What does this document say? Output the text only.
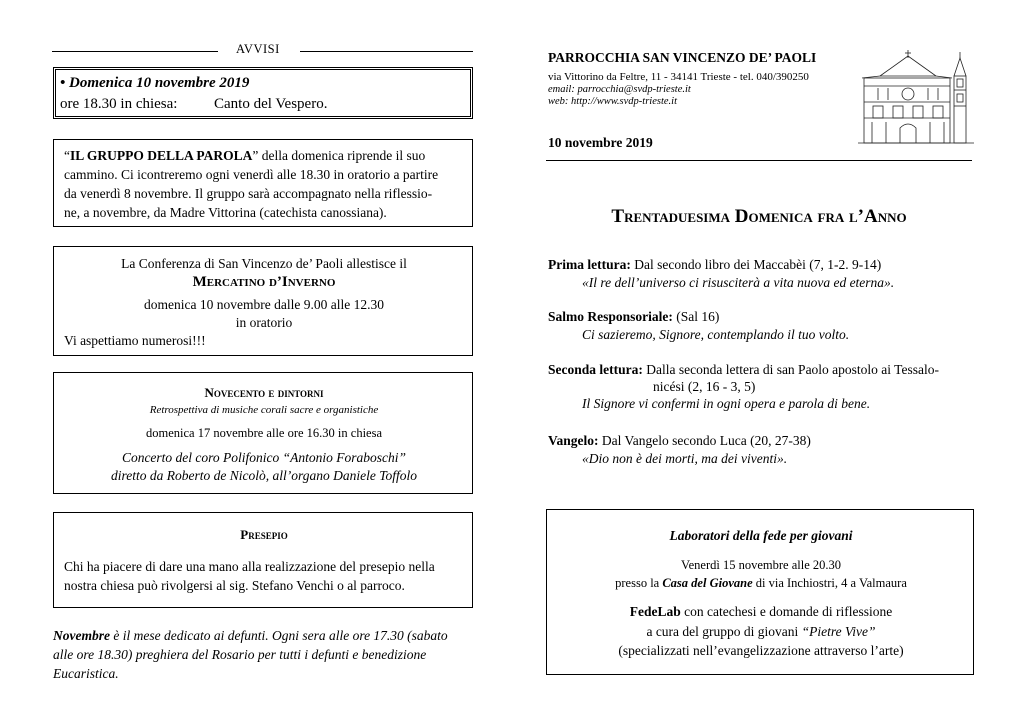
AVVISI
• Domenica 10 novembre 2019
ore 18.30 in chiesa: Canto del Vespero.

“IL GRUPPO DELLA PAROLA” della domenica riprende il suo

cammino. Ci icontreremo ogni venerdì alle 18.30 in oratorio a partire

da venerdì 8 novembre. Il gruppo sarà accompagnato nella riflessio-

ne, a novembre, da Madre Vittorina (catechista canossiana).

La Conferenza di San Vincenzo de’ Paoli allestisce il

Mercatino d’Inverno

domenica 10 novembre dalle 9.00 alle 12.30

in oratorio

Vi aspettiamo numerosi!!!

Novecento e dintorni

Retrospettiva di musiche corali sacre e organistiche

domenica 17 novembre alle ore 16.30 in chiesa

Concerto del coro Polifonico “Antonio Foraboschi”

diretto da Roberto de Nicolò, all’organo Daniele Toffolo

Presepio

Chi ha piacere di dare una mano alla realizzazione del presepio nella

nostra chiesa può rivolgersi al sig. Stefano Venchi o al parroco.

Novembre è il mese dedicato ai defunti. Ogni sera alle ore 17.30 (sabato

alle ore 18.30) preghiera del Rosario per tutti i defunti e benedizione

Eucaristica.

PARROCCHIA SAN VINCENZO DE’ PAOLI
via Vittorino da Feltre, 11 - 34141 Trieste - tel. 040/390250
email: parrocchia@svdp-trieste.it
web: http://www.svdp-trieste.it
10 novembre 2019
Trentaduesima Domenica fra l’Anno

Prima lettura: Dal secondo libro dei Maccabèi (7, 1-2. 9-14)

«Il re dell’universo ci risusciterà a vita nuova ed eterna».

Salmo Responsoriale: (Sal 16)

Ci sazieremo, Signore, contemplando il tuo volto.

Seconda lettura: Dalla seconda lettera di san Paolo apostolo ai Tessalo-

nicési (2, 16 - 3, 5)

Il Signore vi confermi in ogni opera e parola di bene.

Vangelo: Dal Vangelo secondo Luca (20, 27-38)

«Dio non è dei morti, ma dei viventi».

Laboratori della fede per giovani

Venerdì 15 novembre alle 20.30

presso la Casa del Giovane di via Inchiostri, 4 a Valmaura

FedeLab con catechesi e domande di riflessione

a cura del gruppo di giovani “Pietre Vive”

(specializzati nell’evangelizzazione attraverso l’arte)
